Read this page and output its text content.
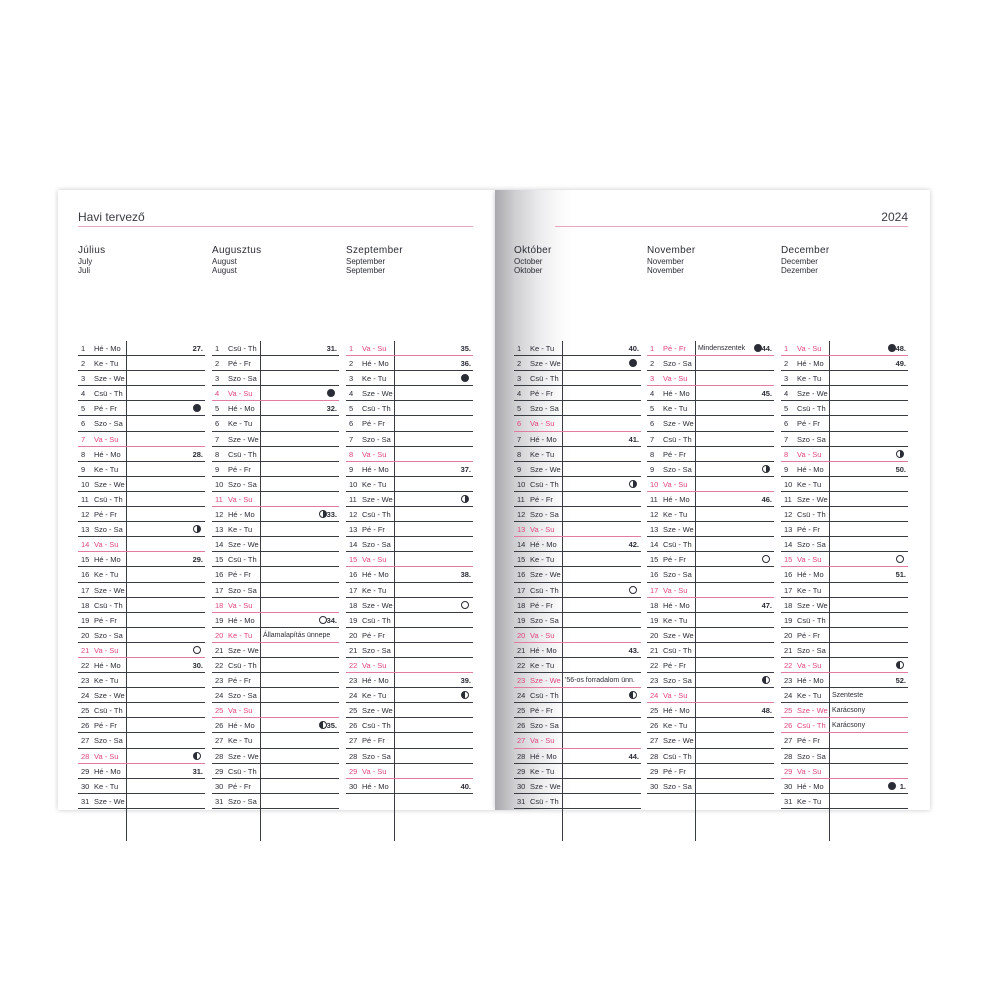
Havi tervező
Július
July
Juli
1	Hé - Mo	27.
2	Ke - Tu
3	Sze - We
4	Csü - Th
5	Pé - Fr
6	Szo - Sa
7	Va - Su
8	Hé - Mo	28.
9	Ke - Tu
10 Sze - We
11 Csü - Th
12 Pé - Fr
13 Szo - Sa
14 Va - Su
15 Hé - Mo	29.
16 Ke - Tu
17 Sze - We
18 Csü - Th
19 Pé - Fr
20 Szo - Sa
21 Va - Su
22 Hé - Mo	30.
23 Ke - Tu
24 Sze - We
25 Csü - Th
26 Pé - Fr
27 Szo - Sa
28 Va - Su
29 Hé - Mo	31.
30 Ke - Tu
31 Sze - We
Augusztus
August
August
1	Csü - Th	31.
2	Pé - Fr
3	Szo - Sa
4	Va - Su
5	Hé - Mo	32.
6	Ke - Tu
7	Sze - We
8	Csü - Th
9	Pé - Fr
10 Szo - Sa
11 Va - Su
12 Hé - Mo	33.
13 Ke - Tu
14 Sze - We
15 Csü - Th
16 Pé - Fr
17 Szo - Sa
18 Va - Su
19 Hé - Mo	34.
20 Ke - Tu Államalapítás ünnepe
21 Sze - We
22 Csü - Th
23 Pé - Fr
24 Szo - Sa
25 Va - Su
26 Hé - Mo	35.
27 Ke - Tu
28 Sze - We
29 Csü - Th
30 Pé - Fr
31 Szo - Sa
Szeptember
September
September
1	Va - Su	35.
2	Hé - Mo	36.
3	Ke - Tu
4	Sze - We
5	Csü - Th
6	Pé - Fr
7	Szo - Sa
8	Va - Su
9	Hé - Mo	37.
10 Ke - Tu
11 Sze - We
12 Csü - Th
13 Pé - Fr
14 Szo - Sa
15 Va - Su
16 Hé - Mo	38.
17 Ke - Tu
18 Sze - We
19 Csü - Th
20 Pé - Fr
21 Szo - Sa
22 Va - Su
23 Hé - Mo	39.
24 Ke - Tu
25 Sze - We
26 Csü - Th
27 Pé - Fr
28 Szo - Sa
29 Va - Su
30 Hé - Mo	40.
2024
Október
October
Oktober
1	Ke - Tu	40.
2	Sze - We
3	Csü - Th
4	Pé - Fr
5	Szo - Sa
6	Va - Su
7	Hé - Mo	41.
8	Ke - Tu
9	Sze - We
10 Csü - Th
11 Pé - Fr
12 Szo - Sa
13 Va - Su
14 Hé - Mo	42.
15 Ke - Tu
16 Sze - We
17 Csü - Th
18 Pé - Fr
19 Szo - Sa
20 Va - Su
21 Hé - Mo	43.
22 Ke - Tu
23 Sze - We '56-os forradalom ünn.
24 Csü - Th
25 Pé - Fr
26 Szo - Sa
27 Va - Su
28 Hé - Mo	44.
29 Ke - Tu
30 Sze - We
31 Csü - Th
November
November
November
1	Pé - Fr Mindenszentek 44.
2	Szo - Sa
3	Va - Su
4	Hé - Mo	45.
5	Ke - Tu
6	Sze - We
7	Csü - Th
8	Pé - Fr
9	Szo - Sa
10 Va - Su
11 Hé - Mo	46.
12 Ke - Tu
13 Sze - We
14 Csü - Th
15 Pé - Fr
16 Szo - Sa
17 Va - Su
18 Hé - Mo	47.
19 Ke - Tu
20 Sze - We
21 Csü - Th
22 Pé - Fr
23 Szo - Sa
24 Va - Su
25 Hé - Mo	48.
26 Ke - Tu
27 Sze - We
28 Csü - Th
29 Pé - Fr
30 Szo - Sa
December
December
Dezember
1	Va - Su	48.
2	Hé - Mo	49.
3	Ke - Tu
4	Sze - We
5	Csü - Th
6	Pé - Fr
7	Szo - Sa
8	Va - Su
9	Hé - Mo	50.
10 Ke - Tu
11 Sze - We
12 Csü - Th
13 Pé - Fr
14 Szo - Sa
15 Va - Su
16 Hé - Mo	51.
17 Ke - Tu
18 Sze - We
19 Csü - Th
20 Pé - Fr
21 Szo - Sa
22 Va - Su
23 Hé - Mo	52.
24 Ke - Tu Szenteste
25 Sze - We Karácsony
26 Csü - Th Karácsony
27 Pé - Fr
28 Szo - Sa
29 Va - Su
30 Hé - Mo	1.
31 Ke - Tu
